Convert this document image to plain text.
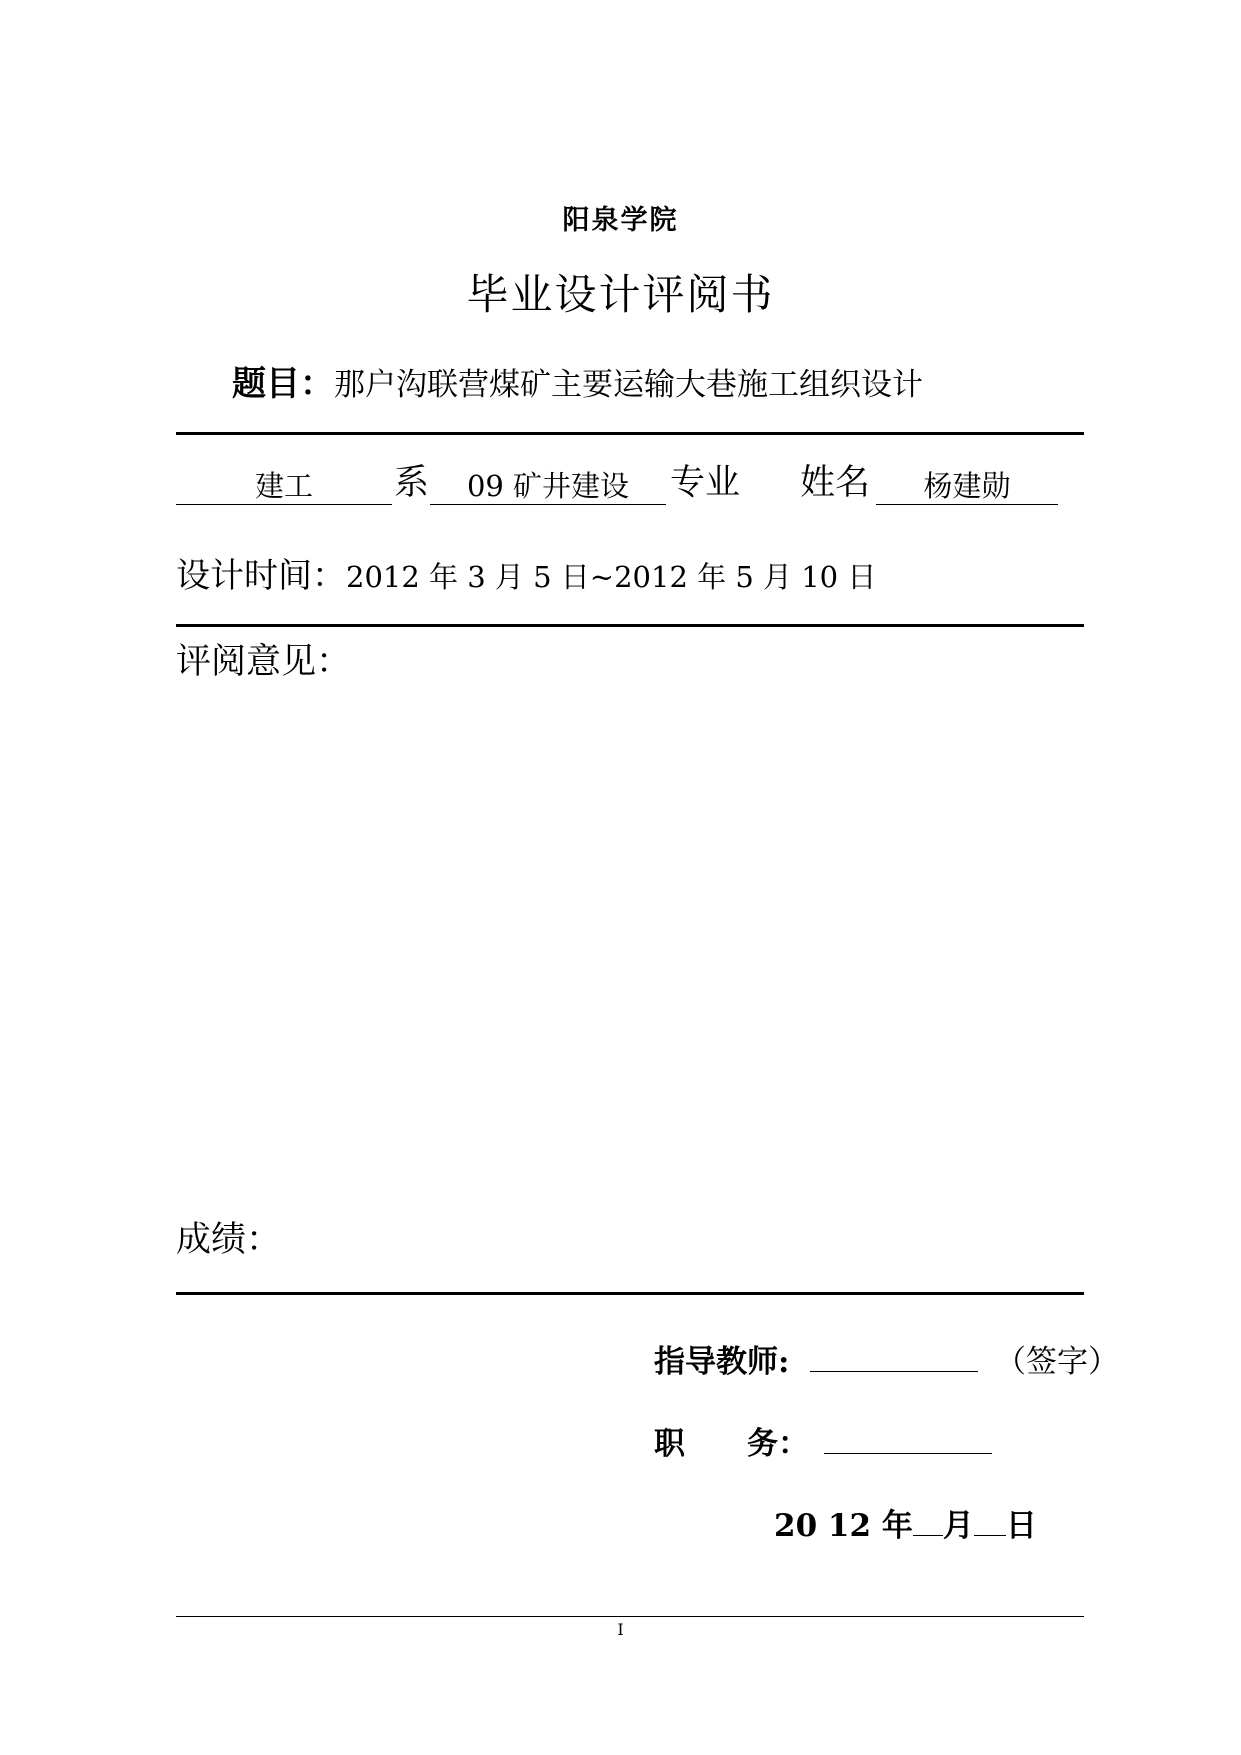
阳泉学院
毕业设计评阅书
题目：那户沟联营煤矿主要运输大巷施工组织设计
建工	系	09 矿井建设	专业 姓名	杨建勋
设计时间：2012 年 3 月 5 日~2012 年 5 月 10 日
评阅意见：
成绩：
指导教师:	（签字）
职　　务：
20 12 年 月 日
I
